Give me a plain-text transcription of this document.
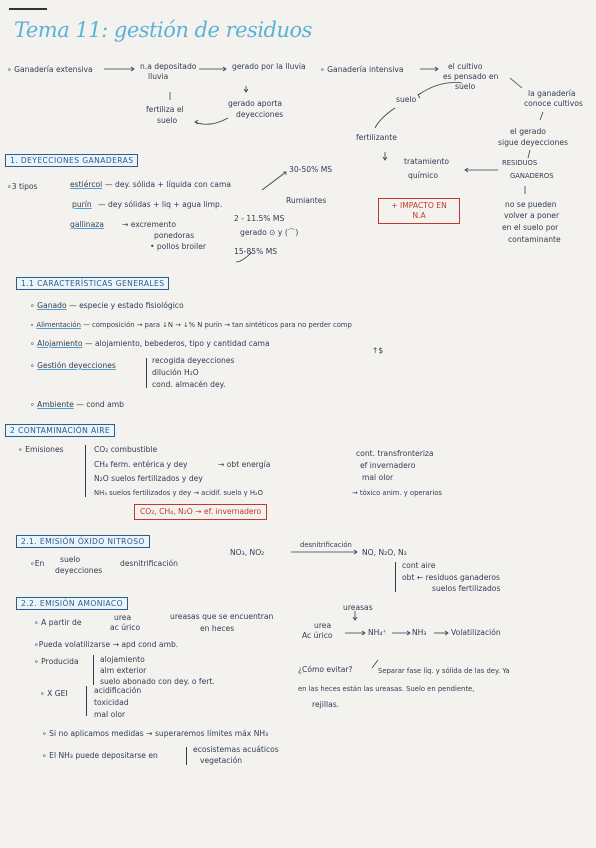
Tema 11: gestión de residuos
∘ Ganadería extensiva	n.a depositado
lluvia
gerado por la lluvia
gerado aporta
deyecciones
fertiliza el
suelo
∘ Ganadería intensiva	el cultivo
es pensado en
suelo
suelo
la ganadería
conoce cultivos
fertilizante
el gerado
sigue deyecciones
tratamiento
químico
RESIDUOS
GANADEROS
+ IMPACTO EN
N.A
no se pueden
volver a poner
en el suelo por
contaminante
1. DEYECCIONES GANADERAS
∘3 tipos	estiércol — dey. sólida + líquida con cama
30-50% MS
purín — dey sólidas + liq + agua limp.	Rumiantes
gallinaza → excremento
ponedoras
• pollos broiler
2 - 11.5% MS
gerado ⊙ y (⌒)
15-85% MS
1.1 CARACTERÍSTICAS GENERALES
∘ Ganado — especie y estado fisiológico
∘ Alimentación — composición → para ↓N → ↓% N purín → tan sintéticos para no perder comp
↑$
∘ Alojamiento — alojamiento, bebederos, tipo y cantidad cama
∘ Gestión deyecciones
recogida deyecciones
dilución H₂O
cond. almacén dey.
∘ Ambiente — cond amb
2 CONTAMINACIÓN AIRE
∘ Emisiones	CO₂ combustible
CH₄ ferm. entérica y dey	→ obt energía
N₂O suelos fertilizados y dey
NH₃ suelos fertilizados y dey → acidif. suelo y H₂O
cont. transfronteriza
ef invernadero
mal olor
→ tóxico anim. y operarios
CO₂, CH₄, N₂O → ef. invernadero
2.1. EMISIÓN ÓXIDO NITROSO
∘En suelo
deyecciones
desnitrificación
NO₃, NO₂
desnitrificación
NO, N₂O, N₂
cont aire
obt ← residuos ganaderos
suelos fertilizados
2.2. EMISIÓN AMONIACO
∘ A partir de
urea
ac úrico
ureasas que se encuentran
en heces
ureasas
urea
Ac úrico	NH₄⁺	NH₃	Volatilización
∘Pueda volatilizarse → apd cond amb.
∘ Producida	alojamiento
alm exterior
suelo abonado con dey. o fert.
¿Cómo evitar?	Separar fase líq. y sólida de las dey. Ya
en las heces están las ureasas. Suelo en pendiente,
rejillas.
∘ X GEI	acidificación
toxicidad
mal olor
∘ Si no aplicamos medidas → superaremos límites máx NH₃
∘ El NH₃ puede depositarse en
ecosistemas acuáticos
vegetación
